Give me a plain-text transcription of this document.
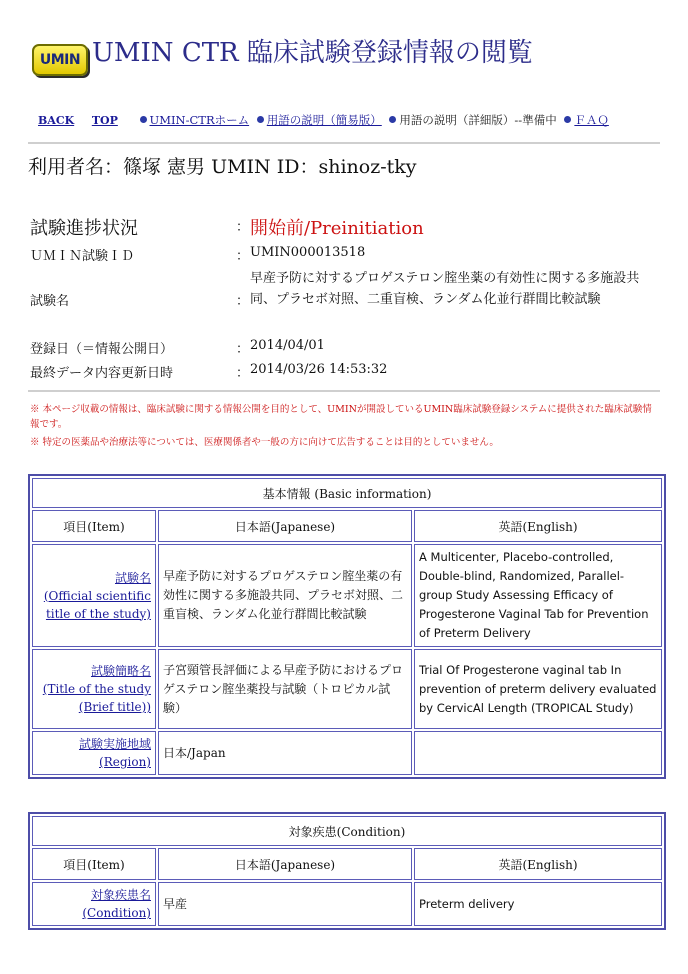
UMIN UMIN CTR 臨床試験登録情報の閲覧
BACK TOP	UMIN-CTRホーム 用語の説明（簡易版） 用語の説明（詳細版）--準備中 ＦＡＱ
利用者名：篠塚 憲男 UMIN ID：shinoz-tky
試験進捗状況	： 開始前/Preinitiation
ＵＭＩＮ試験ＩＤ	： UMIN000013518
試験名	：
早産予防に対するプロゲステロン腟坐薬の有効性に関する多施設共同、プラセボ対照、二重盲検、ランダム化並行群間比較試験
登録日（＝情報公開日）	： 2014/04/01
最終データ内容更新日時	： 2014/03/26 14:53:32
※ 本ページ収載の情報は、臨床試験に関する情報公開を目的として、UMINが開設しているUMIN臨床試験登録システムに提供された臨床試験情報です。
※ 特定の医薬品や治療法等については、医療関係者や一般の方に向けて広告することは目的としていません。
基本情報 (Basic information)		
項目(Item)	日本語(Japanese)	英語(English)
試験名
(Official scientific title of the study)	早産予防に対するプロゲステロン腟坐薬の有効性に関する多施設共同、プラセボ対照、二重盲検、ランダム化並行群間比較試験	A Multicenter, Placebo-controlled, Double-blind, Randomized, Parallel-group Study Assessing Efficacy of Progesterone Vaginal Tab for Prevention of Preterm Delivery
試験簡略名
(Title of the study (Brief title))	子宮頸管長評価による早産予防におけるプロゲステロン腟坐薬投与試験（トロピカル試験）	Trial Of Progesterone vaginal tab In prevention of preterm delivery evaluated by CervicAl Length (TROPICAL Study)
試験実施地域
(Region)	日本/Japan	
対象疾患(Condition)		
項目(Item)	日本語(Japanese)	英語(English)
対象疾患名
(Condition)	早産	Preterm delivery
